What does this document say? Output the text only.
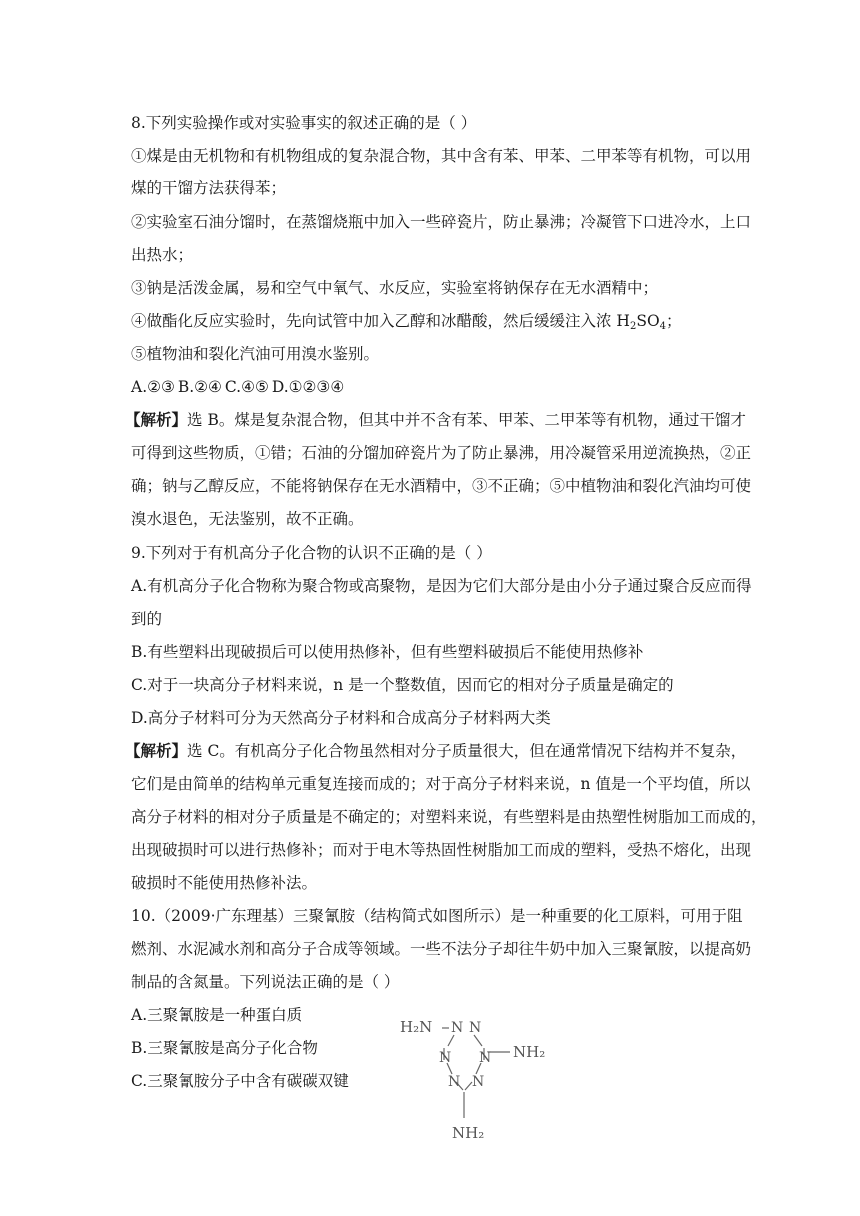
8.下列实验操作或对实验事实的叙述正确的是（ ）
①煤是由无机物和有机物组成的复杂混合物，其中含有苯、甲苯、二甲苯等有机物，可以用
煤的干馏方法获得苯；
②实验室石油分馏时，在蒸馏烧瓶中加入一些碎瓷片，防止暴沸；冷凝管下口进冷水，上口
出热水；
③钠是活泼金属，易和空气中氧气、水反应，实验室将钠保存在无水酒精中；
④做酯化反应实验时，先向试管中加入乙醇和冰醋酸，然后缓缓注入浓 $H_2SO_4$；
⑤植物油和裂化汽油可用溴水鉴别。
A.②③ B.②④ C.④⑤ D.①②③④
【解析】选 B。煤是复杂混合物，但其中并不含有苯、甲苯、二甲苯等有机物，通过干馏才
可得到这些物质，①错；石油的分馏加碎瓷片为了防止暴沸，用冷凝管采用逆流换热，②正
确；钠与乙醇反应，不能将钠保存在无水酒精中，③不正确；⑤中植物油和裂化汽油均可使
溴水退色，无法鉴别，故不正确。
9.下列对于有机高分子化合物的认识不正确的是（ ）
A.有机高分子化合物称为聚合物或高聚物，是因为它们大部分是由小分子通过聚合反应而得
到的
B.有些塑料出现破损后可以使用热修补，但有些塑料破损后不能使用热修补
C.对于一块高分子材料来说，n 是一个整数值，因而它的相对分子质量是确定的
D.高分子材料可分为天然高分子材料和合成高分子材料两大类
【解析】选 C。有机高分子化合物虽然相对分子质量很大，但在通常情况下结构并不复杂，
它们是由简单的结构单元重复连接而成的；对于高分子材料来说，n 值是一个平均值，所以
高分子材料的相对分子质量是不确定的；对塑料来说，有些塑料是由热塑性树脂加工而成的，
出现破损时可以进行热修补；而对于电木等热固性树脂加工而成的塑料，受热不熔化，出现
破损时不能使用热修补法。
10.（2009·广东理基）三聚氰胺（结构简式如图所示）是一种重要的化工原料，可用于阻
燃剂、水泥减水剂和高分子合成等领域。一些不法分子却往牛奶中加入三聚氰胺，以提高奶
制品的含氮量。下列说法正确的是（ ）
A.三聚氰胺是一种蛋白质
B.三聚氰胺是高分子化合物
C.三聚氰胺分子中含有碳碳双键
N N
N N
N N
H₂N
NH₂
NH₂
